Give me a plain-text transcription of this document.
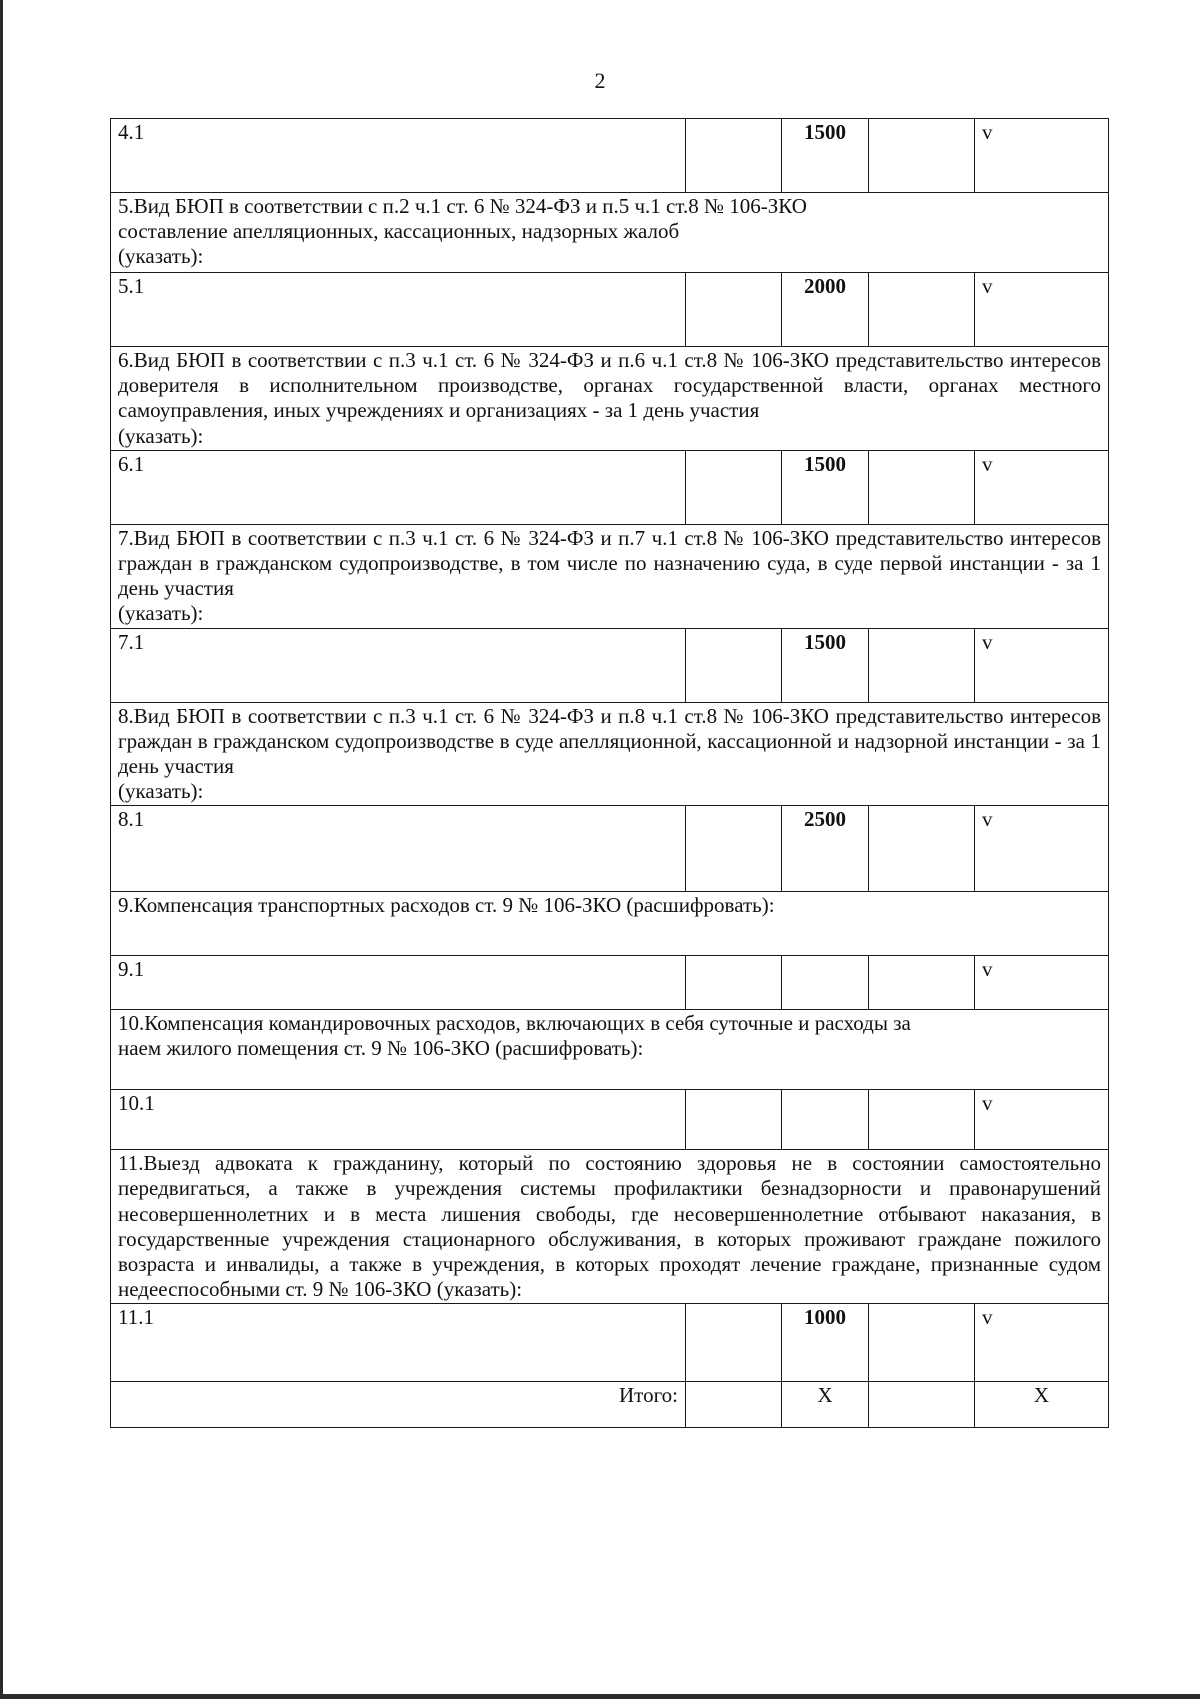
2
4.1		1500		v

5.Вид БЮП в соответствии с п.2 ч.1 ст. 6 № 324-ФЗ и п.5 ч.1 ст.8 № 106-ЗКО
составление апелляционных, кассационных, надзорных жалоб
(указать):				

5.1		2000		v

6.Вид БЮП в соответствии с п.3 ч.1 ст. 6 № 324-ФЗ и п.6 ч.1 ст.8 № 106-ЗКО представительство интересов доверителя в исполнительном производстве, органах государственной власти, органах местного самоуправления, иных учреждениях и организациях - за 1 день участия
(указать):				

6.1		1500		v

7.Вид БЮП в соответствии с п.3 ч.1 ст. 6 № 324-ФЗ и п.7 ч.1 ст.8 № 106-ЗКО представительство интересов граждан в гражданском судопроизводстве, в том числе по назначению суда, в суде первой инстанции - за 1 день участия
(указать):				

7.1		1500		v

8.Вид БЮП в соответствии с п.3 ч.1 ст. 6 № 324-ФЗ и п.8 ч.1 ст.8 № 106-ЗКО представительство интересов граждан в гражданском судопроизводстве в суде апелляционной, кассационной и надзорной инстанции - за 1 день участия
(указать):				

8.1		2500		v
9.Компенсация транспортных расходов ст. 9 № 106-ЗКО (расшифровать):				
9.1				v

10.Компенсация командировочных расходов, включающих в себя суточные и расходы за
наем жилого помещения ст. 9 № 106-ЗКО (расшифровать):				

10.1				v
11.Выезд адвоката к гражданину, который по состоянию здоровья не в состоянии самостоятельно передвигаться, а также в учреждения системы профилактики безнадзорности и правонарушений несовершеннолетних и в места лишения свободы, где несовершеннолетние отбывают наказания, в государственные учреждения стационарного обслуживания, в которых проживают граждане пожилого возраста и инвалиды, а также в учреждения, в которых проходят лечение граждане, признанные судом недееспособными ст. 9 № 106-ЗКО (указать):				
11.1		1000		v
Итого:		X		X
